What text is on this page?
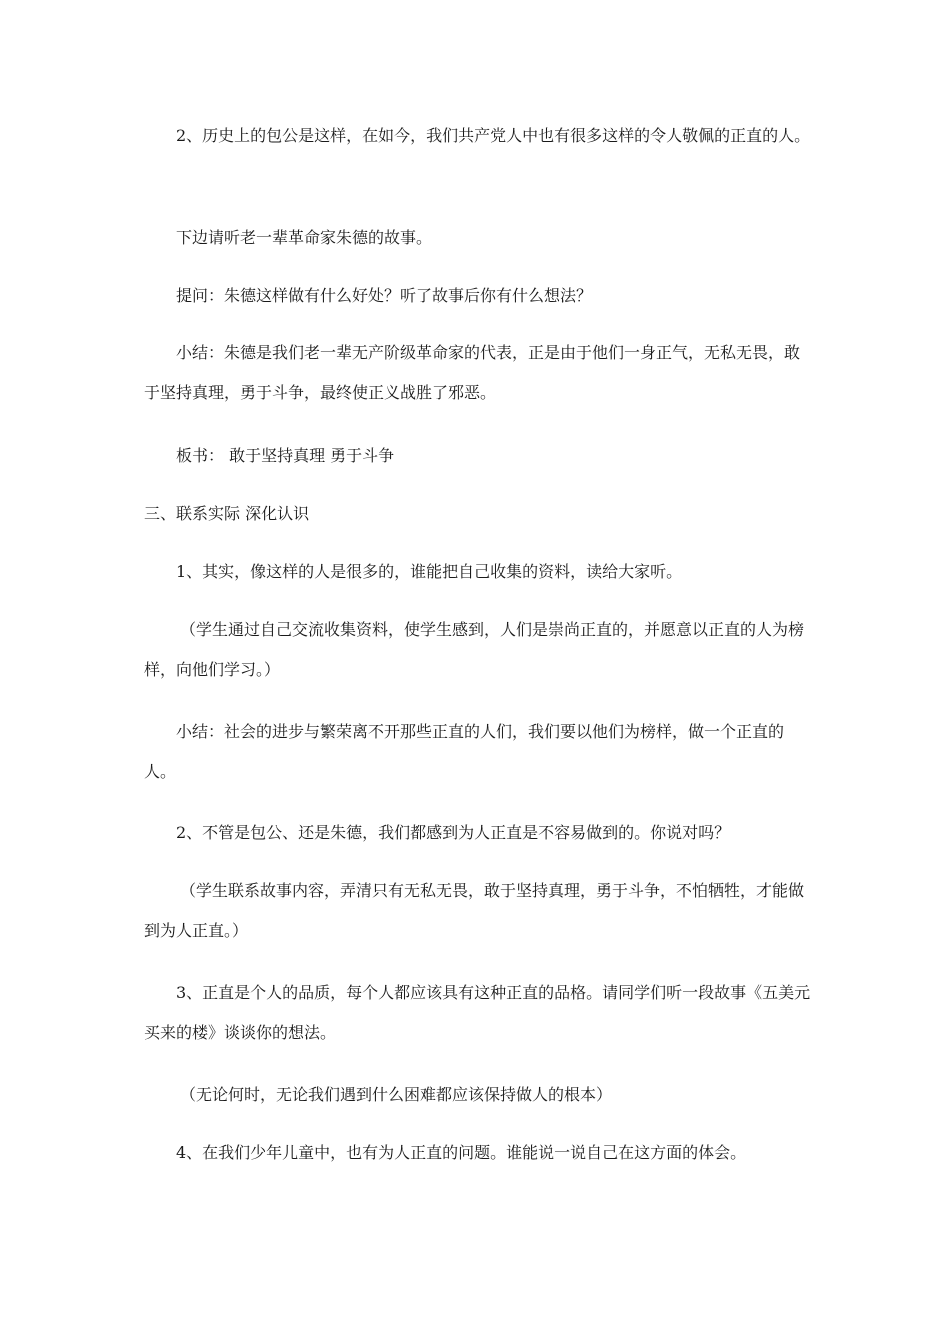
2、历史上的包公是这样，在如今，我们共产党人中也有很多这样的令人敬佩的正直的人。

下边请听老一辈革命家朱德的故事。

提问：朱德这样做有什么好处？听了故事后你有什么想法？

小结：朱德是我们老一辈无产阶级革命家的代表，正是由于他们一身正气，无私无畏，敢于坚持真理，勇于斗争，最终使正义战胜了邪恶。

板书： 敢于坚持真理 勇于斗争

三、联系实际 深化认识

1、其实，像这样的人是很多的，谁能把自己收集的资料，读给大家听。

（学生通过自己交流收集资料，使学生感到，人们是崇尚正直的，并愿意以正直的人为榜样，向他们学习。）

小结：社会的进步与繁荣离不开那些正直的人们，我们要以他们为榜样，做一个正直的人。

2、不管是包公、还是朱德，我们都感到为人正直是不容易做到的。你说对吗？

（学生联系故事内容，弄清只有无私无畏，敢于坚持真理，勇于斗争，不怕牺牲，才能做到为人正直。）

3、正直是个人的品质，每个人都应该具有这种正直的品格。请同学们听一段故事《五美元买来的楼》谈谈你的想法。

（无论何时，无论我们遇到什么困难都应该保持做人的根本）

4、在我们少年儿童中，也有为人正直的问题。谁能说一说自己在这方面的体会。
